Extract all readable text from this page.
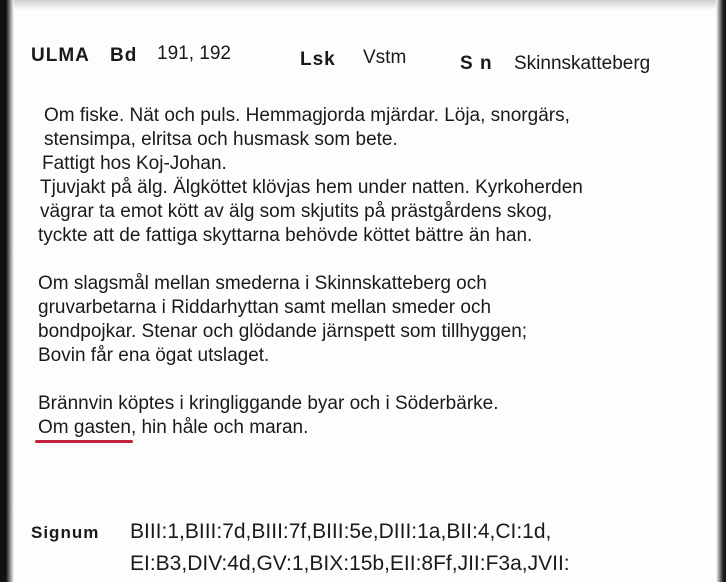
ULMA Bd 191, 192	Lsk Vstm	S n Skinnskatteberg
Om fiske. Nät och puls. Hemmagjorda mjärdar. Löja, snorgärs,
stensimpa, elritsa och husmask som bete.
Fattigt hos Koj-Johan.
Tjuvjakt på älg. Älgköttet klövjas hem under natten. Kyrkoherden
vägrar ta emot kött av älg som skjutits på prästgårdens skog,
tyckte att de fattiga skyttarna behövde köttet bättre än han.
Om slagsmål mellan smederna i Skinnskatteberg och
gruvarbetarna i Riddarhyttan samt mellan smeder och
bondpojkar. Stenar och glödande järnspett som tillhyggen;
Bovin får ena ögat utslaget.
Brännvin köptes i kringliggande byar och i Söderbärke.
Om gasten
, hin håle och maran.
Signum BIII:1,BIII:7d,BIII:7f,BIII:5e,DIII:1a,BII:4,CI:1d,
EI:B3,DIV:4d,GV:1,BIX:15b,EII:8Ff,JII:F3a,JVII:
